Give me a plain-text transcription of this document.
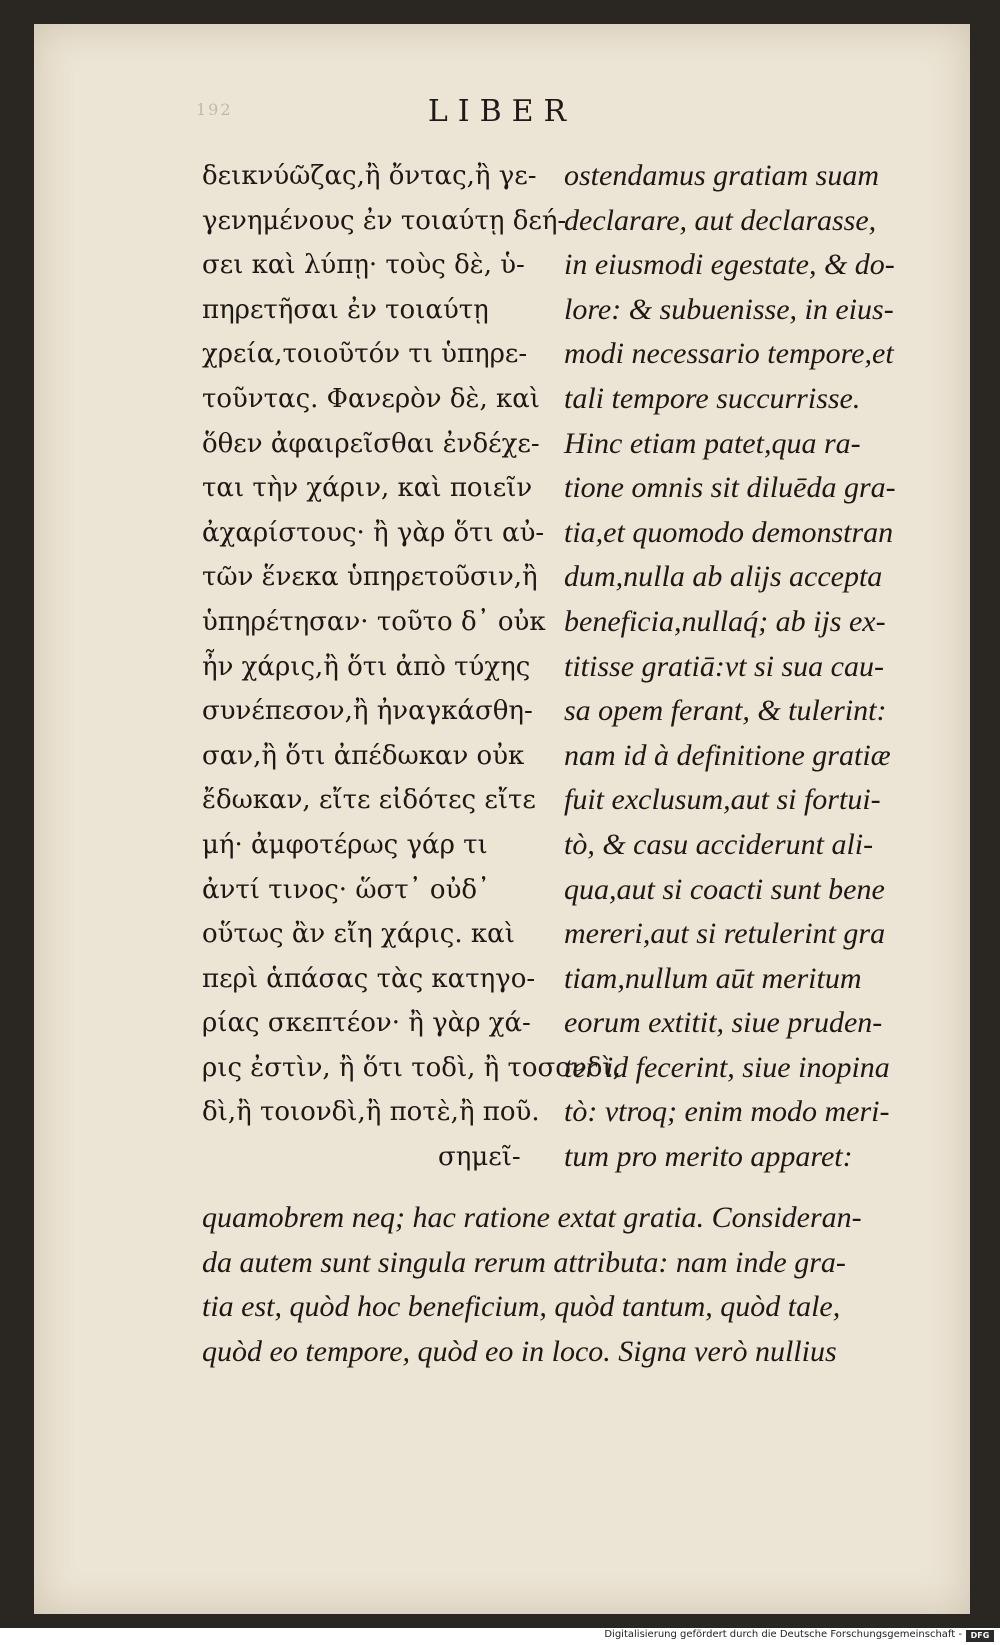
192	LIBER
δεικνύῶζας,ἢ ὄντας,ἢ γε-
γενημένους ἐν τοιαύτῃ δεή-
σει καὶ λύπῃ· τοὺς δὲ, ὑ-
πηρετῆσαι ἐν τοιαύτῃ
χρεία,τοιοῦτόν τι ὑπηρε-
τοῦντας. Φανερὸν δὲ, καὶ
ὅθεν ἀφαιρεῖσθαι ἐνδέχε-
ται τὴν χάριν, καὶ ποιεῖν
ἀχαρίστους· ἢ γὰρ ὅτι αὐ-
τῶν ἕνεκα ὑπηρετοῦσιν,ἢ
ὑπηρέτησαν· τοῦτο δ᾽ οὐκ
ἦν χάρις,ἢ ὅτι ἀπὸ τύχης
συνέπεσον,ἢ ἠναγκάσθη-
σαν,ἢ ὅτι ἀπέδωκαν οὐκ
ἔδωκαν, εἴτε εἰδότες εἴτε
μή· ἀμφοτέρως γάρ τι
ἀντί τινος· ὥστ᾽ οὐδ᾽
οὕτως ἂν εἴη χάρις. καὶ
περὶ ἁπάσας τὰς κατηγο-
ρίας σκεπτέον· ἢ γὰρ χά-
ρις ἐστὶν, ἢ ὅτι τοδὶ, ἢ τοσονδὶ,
δὶ,ἢ τοιονδὶ,ἢ ποτὲ,ἢ ποῦ.
σημεῖ-
ostendamus gratiam suam
declarare, aut declarasse,
in eiusmodi egestate, & do-
lore: & subuenisse, in eius-
modi necessario tempore,et
tali tempore succurrisse.
Hinc etiam patet,qua ra-
tione omnis sit diluēda gra-
tia,et quomodo demonstran
dum,nulla ab alijs accepta
beneficia,nullaq́; ab ijs ex-
titisse gratiā:vt si sua cau-
sa opem ferant, & tulerint:
nam id à definitione gratiæ
fuit exclusum,aut si fortui-
tò, & casu acciderunt ali-
qua,aut si coacti sunt bene
mereri,aut si retulerint gra
tiam,nullum aūt meritum
eorum extitit, siue pruden-
ter id fecerint, siue inopina
tò: vtroq; enim modo meri-
tum pro merito apparet:
quamobrem neq; hac ratione extat gratia. Consideran-
da autem sunt singula rerum attributa: nam inde gra-
tia est, quòd hoc beneficium, quòd tantum, quòd tale,
quòd eo tempore, quòd eo in loco. Signa verò nullius
Digitalisierung gefördert durch die Deutsche Forschungsgemeinschaft -	DFG
